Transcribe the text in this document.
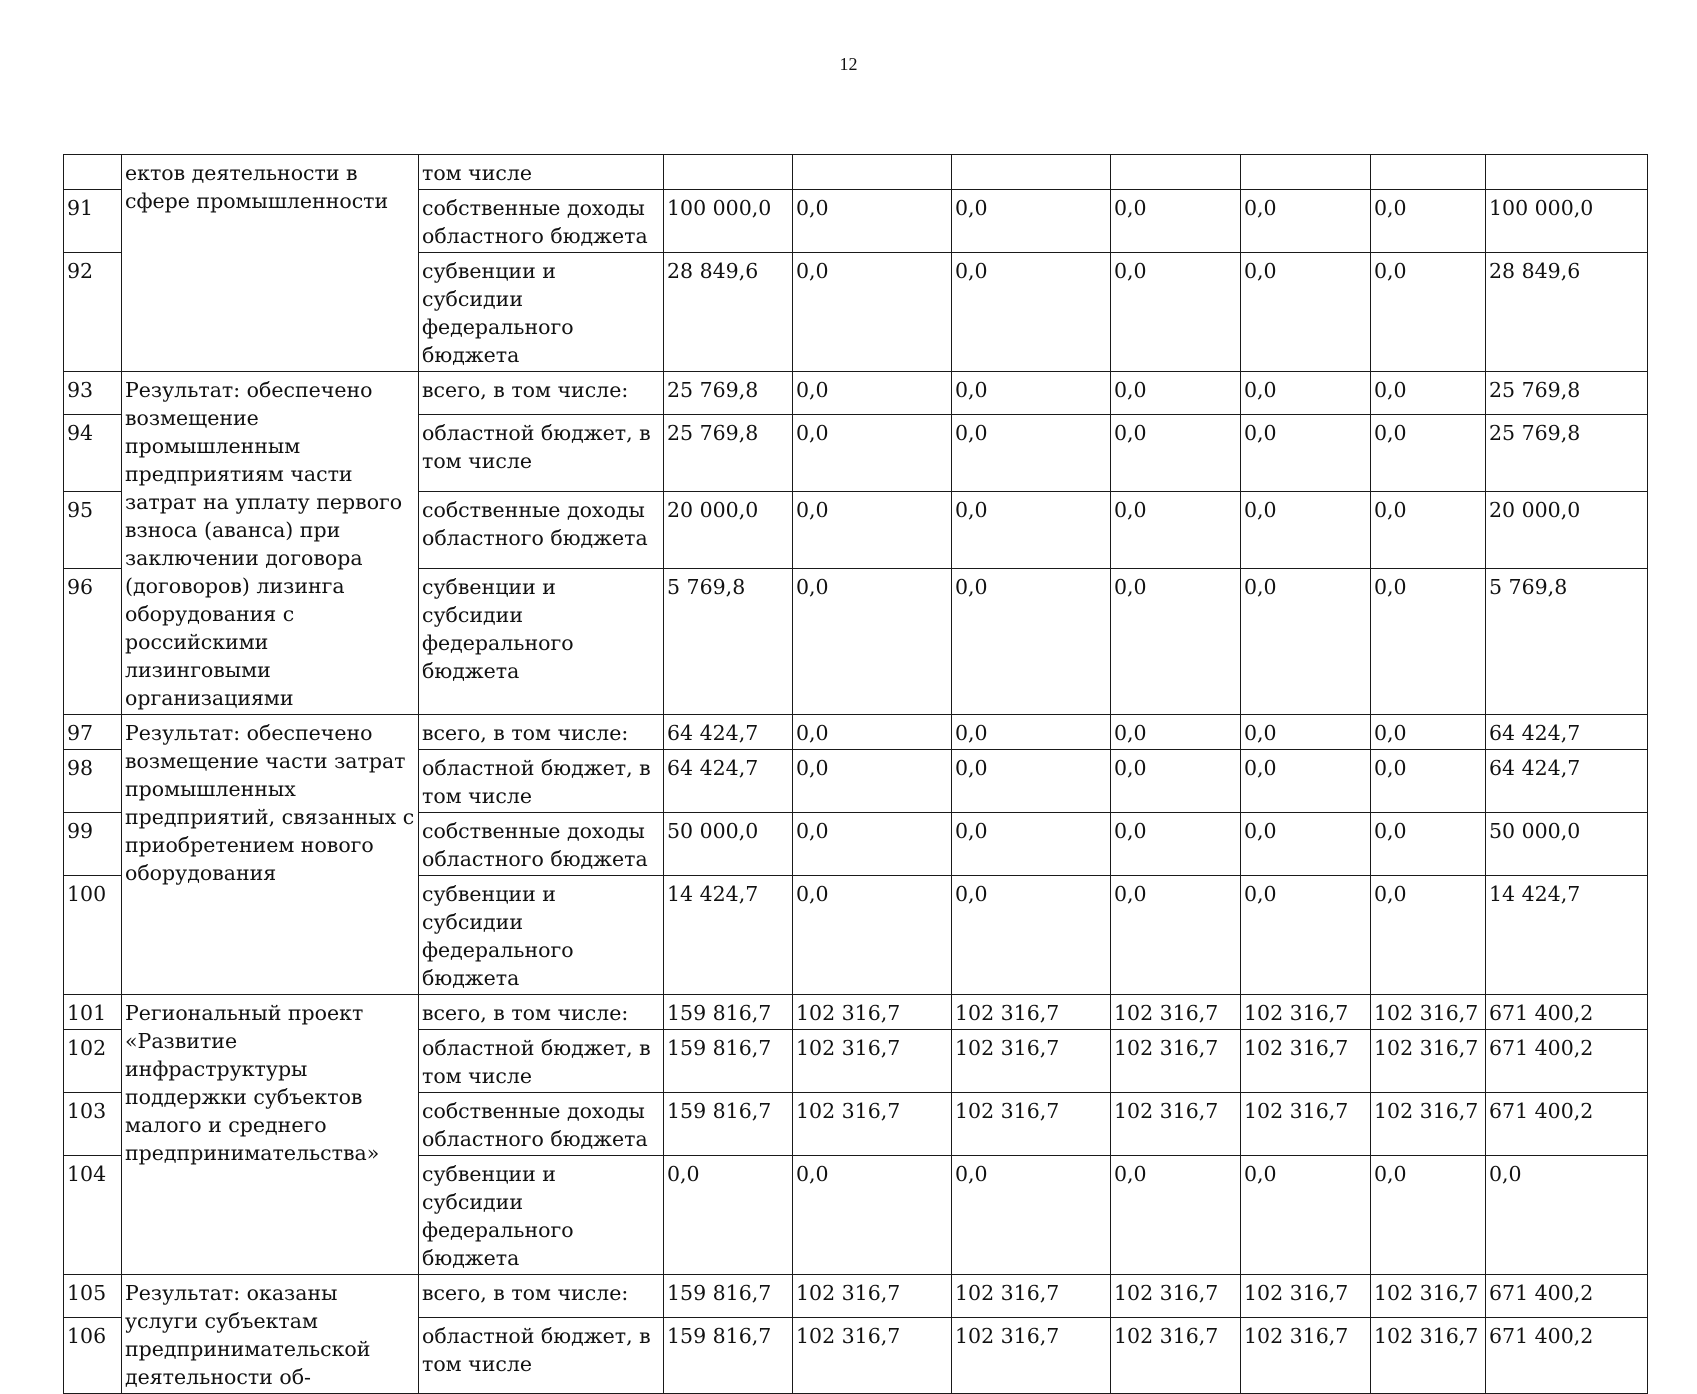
12
	ектов деятельности в сфере промышленности	том числе							
91		собственные доходы областного бюджета	100 000,0	0,0	0,0	0,0	0,0	0,0	100 000,0
92		субвенции и субсидии федерального бюджета	28 849,6	0,0	0,0	0,0	0,0	0,0	28 849,6
93	Результат: обеспечено возмещение промышленным предприятиям части затрат на уплату первого взноса (аванса) при заключении договора (договоров) лизинга оборудования с российскими лизинговыми организациями	всего, в том числе:	25 769,8	0,0	0,0	0,0	0,0	0,0	25 769,8
94		областной бюджет, в том числе	25 769,8	0,0	0,0	0,0	0,0	0,0	25 769,8
95		собственные доходы областного бюджета	20 000,0	0,0	0,0	0,0	0,0	0,0	20 000,0
96		субвенции и субсидии федерального бюджета	5 769,8	0,0	0,0	0,0	0,0	0,0	5 769,8
97	Результат: обеспечено возмещение части затрат промышленных предприятий, связанных с приобретением нового оборудования	всего, в том числе:	64 424,7	0,0	0,0	0,0	0,0	0,0	64 424,7
98		областной бюджет, в том числе	64 424,7	0,0	0,0	0,0	0,0	0,0	64 424,7
99		собственные доходы областного бюджета	50 000,0	0,0	0,0	0,0	0,0	0,0	50 000,0
100		субвенции и субсидии федерального бюджета	14 424,7	0,0	0,0	0,0	0,0	0,0	14 424,7
101	Региональный проект «Развитие инфраструктуры поддержки субъектов малого и среднего предпринимательства»	всего, в том числе:	159 816,7	102 316,7	102 316,7	102 316,7	102 316,7	102 316,7	671 400,2
102		областной бюджет, в том числе	159 816,7	102 316,7	102 316,7	102 316,7	102 316,7	102 316,7	671 400,2
103		собственные доходы областного бюджета	159 816,7	102 316,7	102 316,7	102 316,7	102 316,7	102 316,7	671 400,2
104		субвенции и субсидии федерального бюджета	0,0	0,0	0,0	0,0	0,0	0,0	0,0
105	Результат: оказаны услуги субъектам предпринимательской деятельности об-	всего, в том числе:	159 816,7	102 316,7	102 316,7	102 316,7	102 316,7	102 316,7	671 400,2
106		областной бюджет, в том числе	159 816,7	102 316,7	102 316,7	102 316,7	102 316,7	102 316,7	671 400,2
